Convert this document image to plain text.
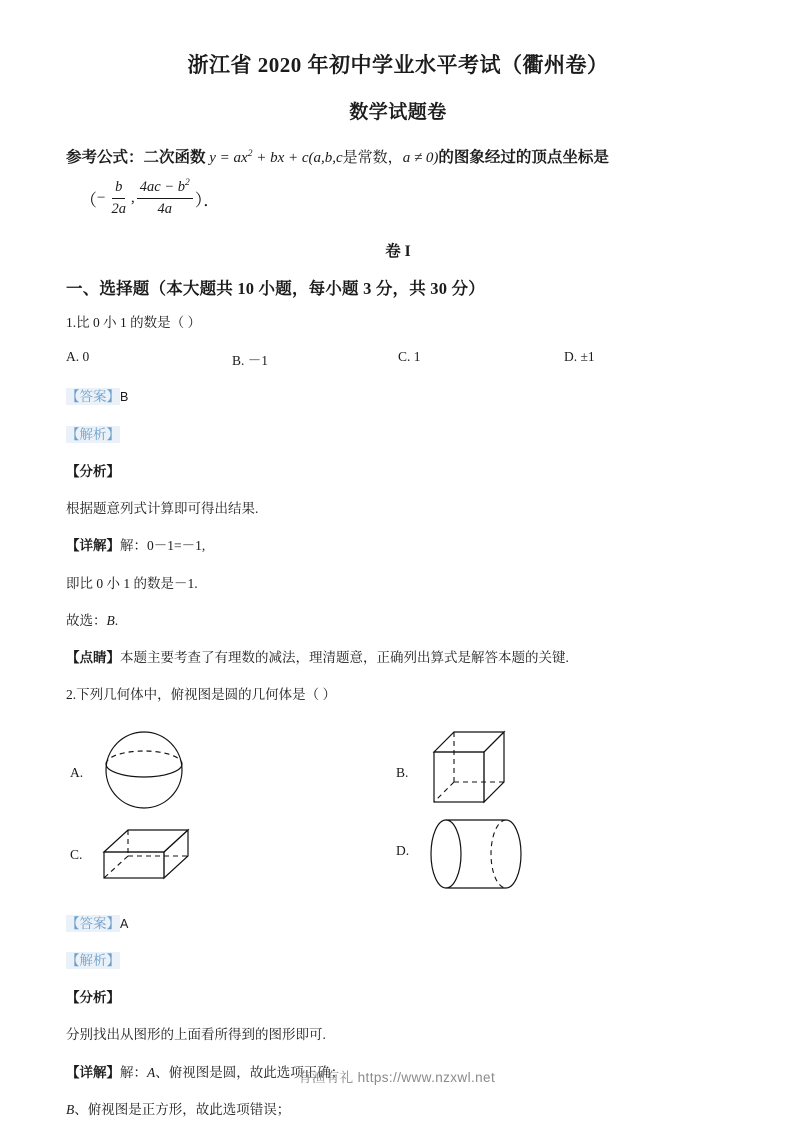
浙江省 2020 年初中学业水平考试（衢州卷）
数学试题卷
参考公式：二次函数 $y = ax^2$ + bx + c(a,b,c是常数，a ≠ 0)的图象经过的顶点坐标是
（ − $\frac{b}{2a}$ , $\frac{4ac - b^2}{4a}$ ）．
卷 I
一、选择题（本大题共 10 小题，每小题 3 分，共 30 分）
1.比 0 小 1 的数是（ ）
A. 0	B. －1	C. 1	D. ±1
【答案】B
【解析】
【分析】
根据题意列式计算即可得出结果.
【详解】解：0－1=－1,
即比 0 小 1 的数是－1.
故选：B.
【点睛】本题主要考查了有理数的减法，理清题意，正确列出算式是解答本题的关键.
2.下列几何体中，俯视图是圆的几何体是（ ）
A.	B.
C.	D.
【答案】A
【解析】
【分析】
分别找出从图形的上面看所得到的图形即可.
【详解】解：A、俯视图是圆，故此选项正确；
B、俯视图是正方形，故此选项错误；
有渔有礼 https://www.nzxwl.net
